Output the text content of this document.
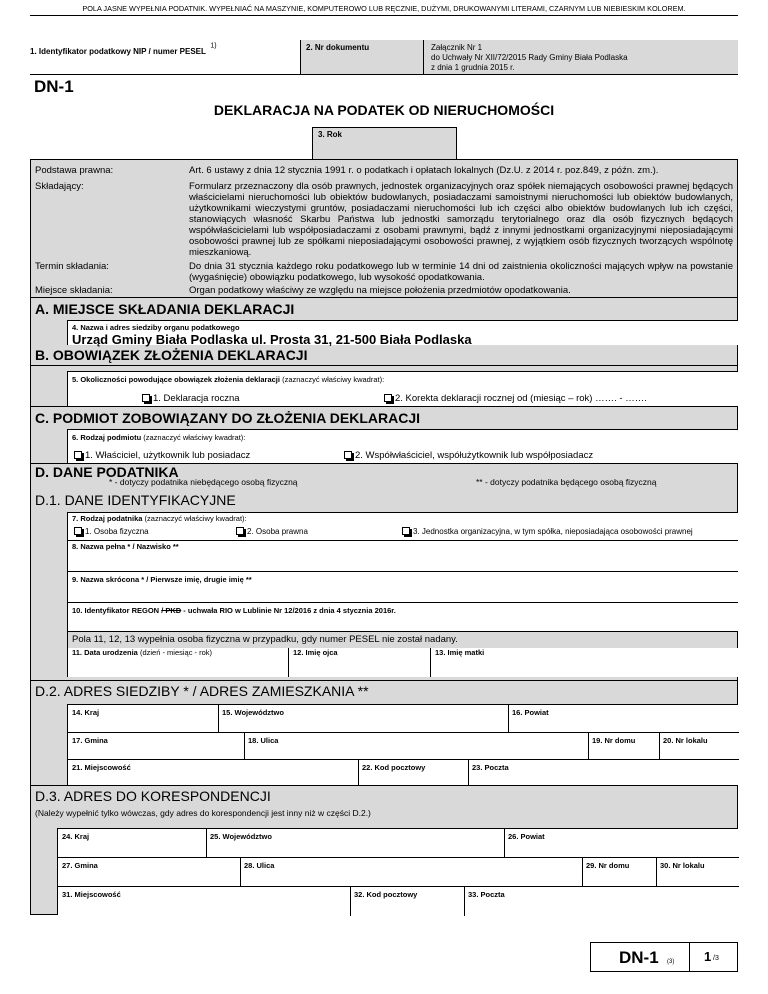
POLA JASNE WYPEŁNIA PODATNIK. WYPEŁNIAĆ NA MASZYNIE, KOMPUTEROWO LUB RĘCZNIE, DUŻYMI, DRUKOWANYMI LITERAMI, CZARNYM LUB NIEBIESKIM KOLOREM.
1. Identyfikator podatkowy NIP / numer PESEL $^{1)}$	2. Nr dokumentu	Załącznik Nr 1
do Uchwały Nr XII/72/2015 Rady Gminy Biała Podlaska
z dnia 1 grudnia 2015 r.
DN-1
DEKLARACJA NA PODATEK OD NIERUCHOMOŚCI
3. Rok
Podstawa prawna:	Art. 6 ustawy z dnia 12 stycznia 1991 r. o podatkach i opłatach lokalnych (Dz.U. z 2014 r. poz.849, z późn. zm.).
Składający:	Formularz przeznaczony dla osób prawnych, jednostek organizacyjnych oraz spółek niemających osobowości prawnej będących właścicielami nieruchomości lub obiektów budowlanych, posiadaczami samoistnymi nieruchomości lub obiektów budowlanych, użytkownikami wieczystymi gruntów, posiadaczami nieruchomości lub ich części albo obiektów budowlanych lub ich części, stanowiących własność Skarbu Państwa lub jednostki samorządu terytorialnego oraz dla osób fizycznych będących współwłaścicielami lub współposiadaczami z osobami prawnymi, bądź z innymi jednostkami organizacyjnymi nieposiadającymi osobowości prawnej lub ze spółkami nieposiadającymi osobowości prawnej, z wyjątkiem osób fizycznych tworzących wspólnotę mieszkaniową.
Termin składania:	Do dnia 31 stycznia każdego roku podatkowego lub w terminie 14 dni od zaistnienia okoliczności mających wpływ na powstanie (wygaśnięcie) obowiązku podatkowego, lub wysokość opodatkowania.
Miejsce składania:	Organ podatkowy właściwy ze względu na miejsce położenia przedmiotów opodatkowania.
A. MIEJSCE SKŁADANIA DEKLARACJI
4. Nazwa i adres siedziby organu podatkowego
Urząd Gminy Biała Podlaska ul. Prosta 31, 21-500 Biała Podlaska
B. OBOWIĄZEK ZŁOŻENIA DEKLARACJI
5. Okoliczności powodujące obowiązek złożenia deklaracji (zaznaczyć właściwy kwadrat):
1. Deklaracja roczna	2. Korekta deklaracji rocznej od (miesiąc – rok) ……. - …….
C. PODMIOT ZOBOWIĄZANY DO ZŁOŻENIA DEKLARACJI
6. Rodzaj podmiotu (zaznaczyć właściwy kwadrat):
1. Właściciel, użytkownik lub posiadacz	2. Współwłaściciel, współużytkownik lub współposiadacz
D. DANE PODATNIKA
* - dotyczy podatnika niebędącego osobą fizyczną	** - dotyczy podatnika będącego osobą fizyczną
D.1. DANE IDENTYFIKACYJNE
7. Rodzaj podatnika (zaznaczyć właściwy kwadrat):
1. Osoba fizyczna	2. Osoba prawna	3. Jednostka organizacyjna, w tym spółka, nieposiadająca osobowości prawnej
8. Nazwa pełna * / Nazwisko **
9. Nazwa skrócona * / Pierwsze imię, drugie imię **
10. Identyfikator REGON / PKD - uchwała RIO w Lublinie Nr 12/2016 z dnia 4 stycznia 2016r.
Pola 11, 12, 13 wypełnia osoba fizyczna w przypadku, gdy numer PESEL nie został nadany.
11. Data urodzenia (dzień - miesiąc - rok)	12. Imię ojca	13. Imię matki
D.2. ADRES SIEDZIBY * / ADRES ZAMIESZKANIA **
14. Kraj	15. Województwo	16. Powiat
17. Gmina	18. Ulica	19. Nr domu	20. Nr lokalu
21. Miejscowość	22. Kod pocztowy	23. Poczta
D.3. ADRES DO KORESPONDENCJI
(Należy wypełnić tylko wówczas, gdy adres do korespondencji jest inny niż w części D.2.)
24. Kraj	25. Województwo	26. Powiat
27. Gmina	28. Ulica	29. Nr domu	30. Nr lokalu
31. Miejscowość	32. Kod pocztowy	33. Poczta
DN-1 (3) 1 /3
